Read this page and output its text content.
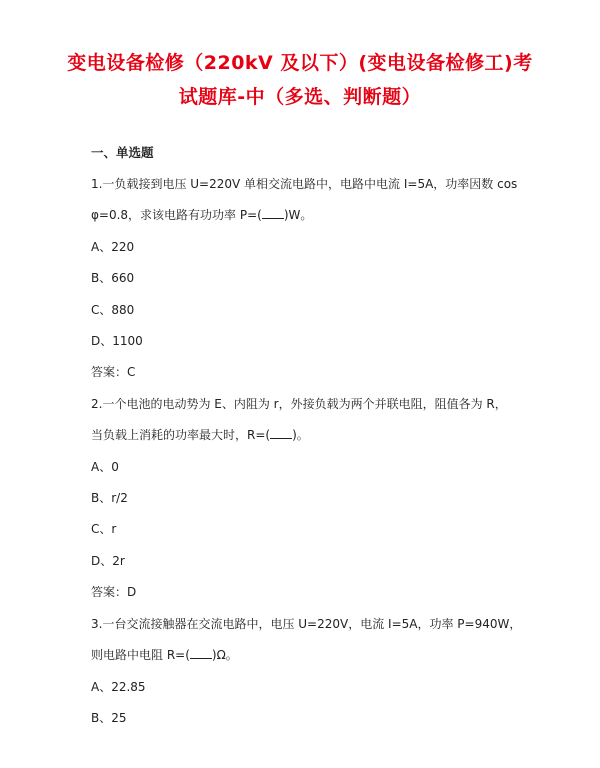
变电设备检修（220kV 及以下）(变电设备检修工)考
试题库-中（多选、判断题）
一、单选题
1.一负载接到电压 U=220V 单相交流电路中，电路中电流 I=5A，功率因数 cos
φ=0.8，求该电路有功功率 P=( )W。
A、220
B、660
C、880
D、1100
答案：C
2.一个电池的电动势为 E、内阻为 r，外接负载为两个并联电阻，阻值各为 R，
当负载上消耗的功率最大时，R=( )。
A、0
B、r/2
C、r
D、2r
答案：D
3.一台交流接触器在交流电路中，电压 U=220V，电流 I=5A，功率 P=940W，
则电路中电阻 R=( )Ω。
A、22.85
B、25
